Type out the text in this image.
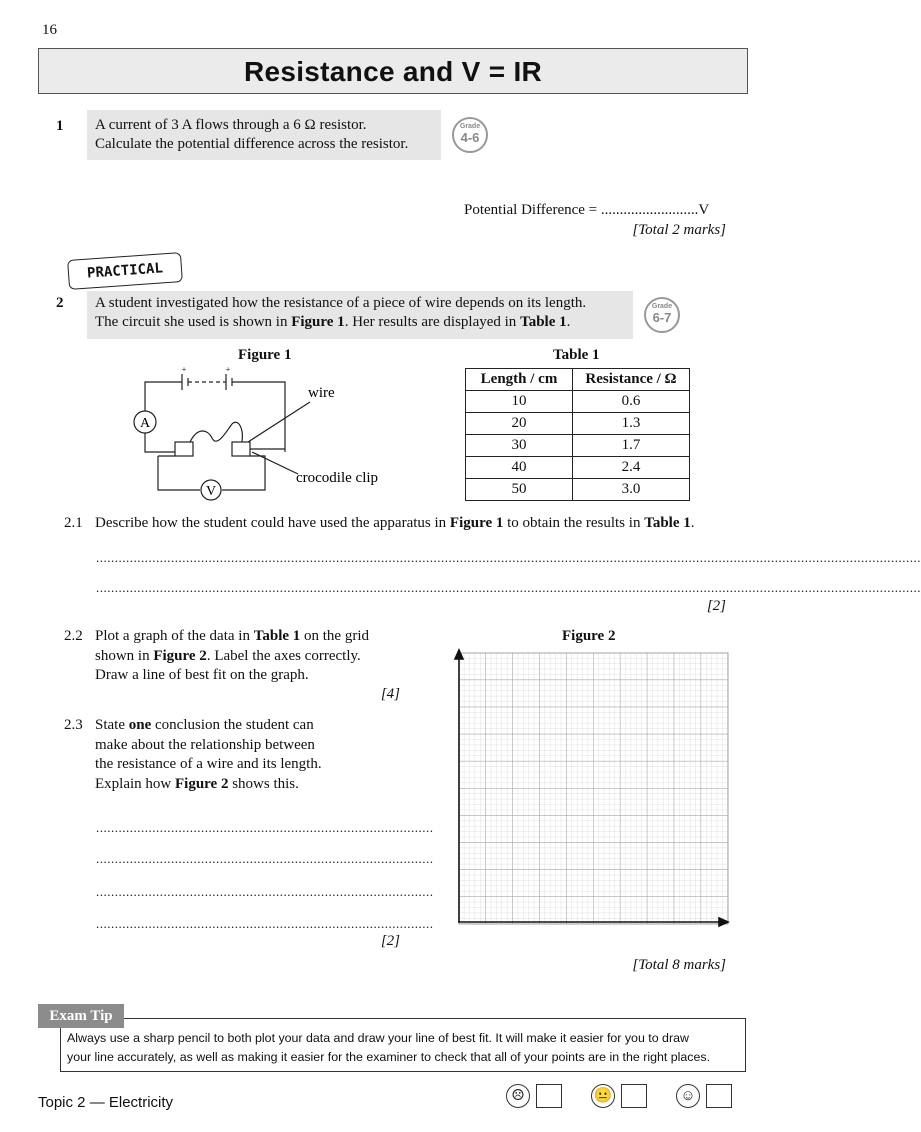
16
Resistance and V = IR
1 A current of 3 A flows through a 6 Ω resistor.
Calculate the potential difference across the resistor.
Grade
4-6
Potential Difference = ..........................V
[Total 2 marks]
PRACTICAL
2 A student investigated how the resistance of a piece of wire depends on its length.
The circuit she used is shown in Figure 1. Her results are displayed in Table 1.
Grade
6-7
Figure 1
A
V
+	+
wire
crocodile clip
Table 1
Length / cm	Resistance / Ω
10	0.6
20	1.3
30	1.7
40	2.4
50	3.0
2.1 Describe how the student could have used the apparatus in Figure 1 to obtain the results in Table 1.
............................................................................................................................................................................................................................
............................................................................................................................................................................................................................
[2]
2.2 Plot a graph of the data in Table 1 on the grid
shown in Figure 2. Label the axes correctly.
Draw a line of best fit on the graph.
[4]
2.3 State one conclusion the student can
make about the relationship between
the resistance of a wire and its length.
Explain how Figure 2 shows this.
..........................................................................................
..........................................................................................
..........................................................................................
..........................................................................................
[2]
Figure 2
[Total 8 marks]
Always use a sharp pencil to both plot your data and draw your line of best fit. It will make it easier for you to draw
your line accurately, as well as making it easier for the examiner to check that all of your points are in the right places.
Exam Tip
Topic 2 — Electricity	☹	😐	☺
